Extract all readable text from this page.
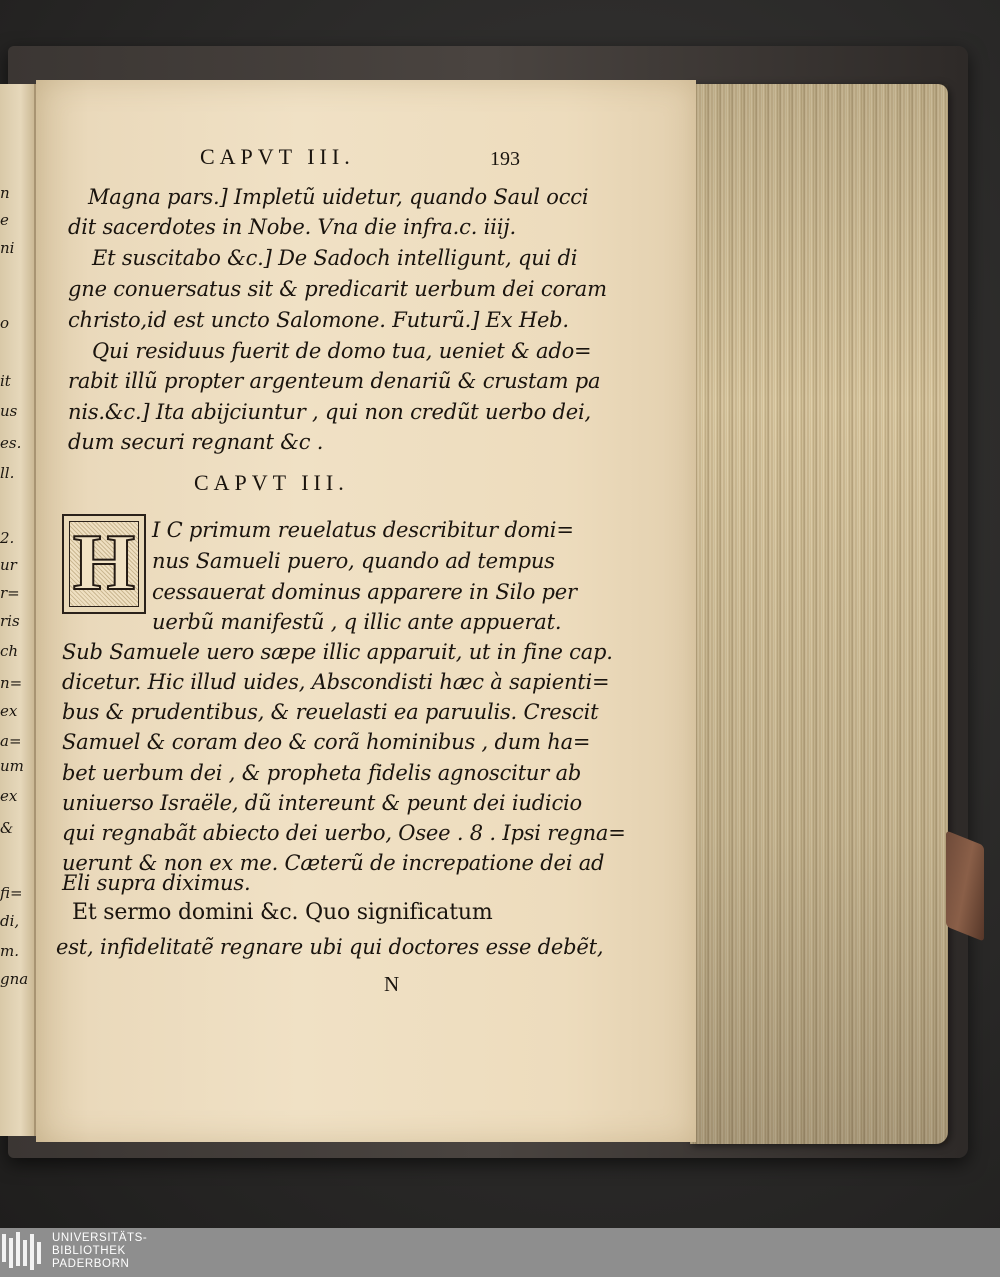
n
e
ni
o
it
us
es.
ll.
2.
ur
r=
ris
ch
n=
ex
a=
um
ex
&
fi=
di,
m.
gna
CAPVT III.	193
Magna pars.] Impletũ uidetur, quando Saul occi
dit sacerdotes in Nobe. Vna die infra.c. iiij.
Et suscitabo &c.] De Sadoch intelligunt, qui di
gne conuersatus sit & predicarit uerbum dei coram
christo,id est uncto Salomone. Futurũ.] Ex Heb.
Qui residuus fuerit de domo tua, ueniet & ado=
rabit illũ propter argenteum denariũ & crustam pa
nis.&c.] Ita abijciuntur , qui non credũt uerbo dei,
dum securi regnant &c .
CAPVT III.
H I C primum reuelatus describitur domi=
nus Samueli puero, quando ad tempus
cessauerat dominus apparere in Silo per
uerbũ manifestũ , q illic ante appuerat.
Sub Samuele uero sæpe illic apparuit, ut in fine cap.
dicetur. Hic illud uides, Abscondisti hæc à sapienti=
bus & prudentibus, & reuelasti ea paruulis. Crescit
Samuel & coram deo & corã hominibus , dum ha=
bet uerbum dei , & propheta fidelis agnoscitur ab
uniuerso Israële, dũ intereunt & peunt dei iudicio
qui regnabãt abiecto dei uerbo, Osee . 8 . Ipsi regna=
uerunt & non ex me. Cæterũ de increpatione dei ad
Eli supra diximus.
Et sermo domini &c. Quo significatum
est, infidelitatẽ regnare ubi qui doctores esse debẽt,
N
UNIVERSITÄTS-
BIBLIOTHEK
PADERBORN
